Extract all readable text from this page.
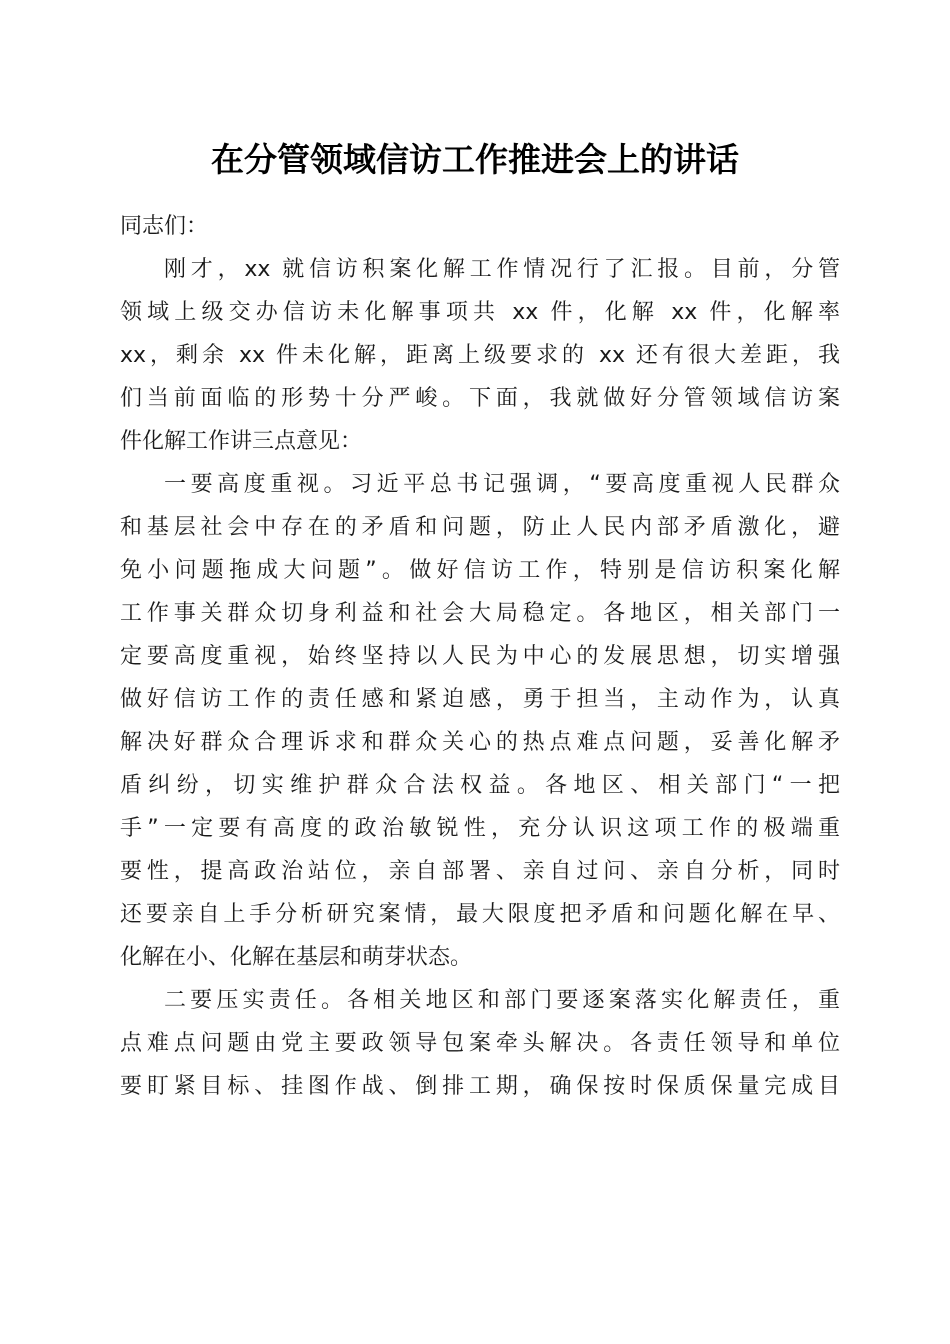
在分管领域信访工作推进会上的讲话
同志们：
刚才，xx 就信访积案化解工作情况行了汇报。目前，分管
领域上级交办信访未化解事项共 xx 件，化解 xx 件，化解率
xx，剩余 xx 件未化解，距离上级要求的 xx 还有很大差距，我
们当前面临的形势十分严峻。下面，我就做好分管领域信访案
件化解工作讲三点意见：
一要高度重视。习近平总书记强调，“要高度重视人民群众
和基层社会中存在的矛盾和问题，防止人民内部矛盾激化，避
免小问题拖成大问题”。做好信访工作，特别是信访积案化解
工作事关群众切身利益和社会大局稳定。各地区，相关部门一
定要高度重视，始终坚持以人民为中心的发展思想，切实增强
做好信访工作的责任感和紧迫感，勇于担当，主动作为，认真
解决好群众合理诉求和群众关心的热点难点问题，妥善化解矛
盾纠纷，切实维护群众合法权益。各地区、相关部门“一把
手”一定要有高度的政治敏锐性，充分认识这项工作的极端重
要性，提高政治站位，亲自部署、亲自过问、亲自分析，同时
还要亲自上手分析研究案情，最大限度把矛盾和问题化解在早、
化解在小、化解在基层和萌芽状态。
二要压实责任。各相关地区和部门要逐案落实化解责任，重
点难点问题由党主要政领导包案牵头解决。各责任领导和单位
要盯紧目标、挂图作战、倒排工期，确保按时保质保量完成目
